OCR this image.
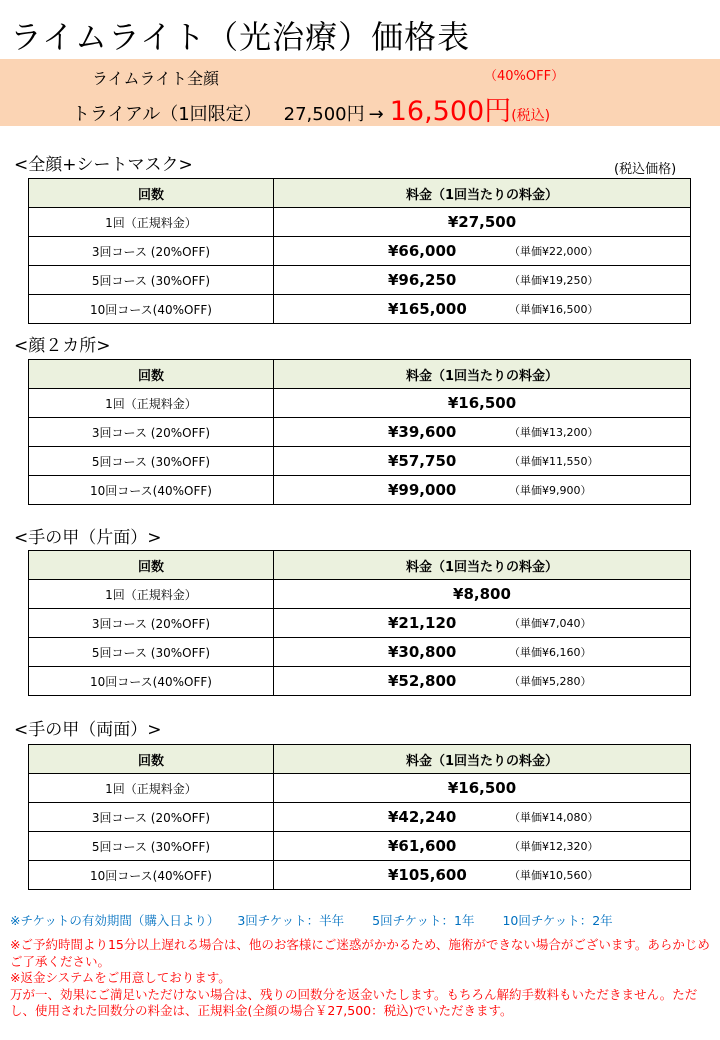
ライムライト（光治療）価格表
ライムライト全顔	（40%OFF）
トライアル（1回限定） 27,500円 → 16,500円 (税込)
<全顔+シートマスク>	(税込価格)
回数	料金（1回当たりの料金）
1回（正規料金）	¥27,500

3回コース (20%OFF)	¥66,000 （単価¥22,000）

5回コース (30%OFF)	¥96,250 （単価¥19,250）

10回コース(40%OFF)	¥165,000 （単価¥16,500）
<顔２カ所>
回数	料金（1回当たりの料金）
1回（正規料金）	¥16,500

3回コース (20%OFF)	¥39,600 （単価¥13,200）

5回コース (30%OFF)	¥57,750 （単価¥11,550）

10回コース(40%OFF)	¥99,000 （単価¥9,900）
<手の甲（片面）>
回数	料金（1回当たりの料金）
1回（正規料金）	¥8,800

3回コース (20%OFF)	¥21,120 （単価¥7,040）

5回コース (30%OFF)	¥30,800 （単価¥6,160）

10回コース(40%OFF)	¥52,800 （単価¥5,280）
<手の甲（両面）>
回数	料金（1回当たりの料金）
1回（正規料金）	¥16,500

3回コース (20%OFF)	¥42,240 （単価¥14,080）

5回コース (30%OFF)	¥61,600 （単価¥12,320）

10回コース(40%OFF)	¥105,600 （単価¥10,560）
※チケットの有効期間（購入日より） 3回チケット：半年 5回チケット：1年 10回チケット：2年

※ご予約時間より15分以上遅れる場合は、他のお客様にご迷惑がかかるため、施術ができない場合がございます。あらかじめご了承ください。

※返金システムをご用意しております。

万が一、効果にご満足いただけない場合は、残りの回数分を返金いたします。もちろん解約手数料もいただきません。ただし、使用された回数分の料金は、正規料金(全顔の場合￥27,500：税込)でいただきます。
